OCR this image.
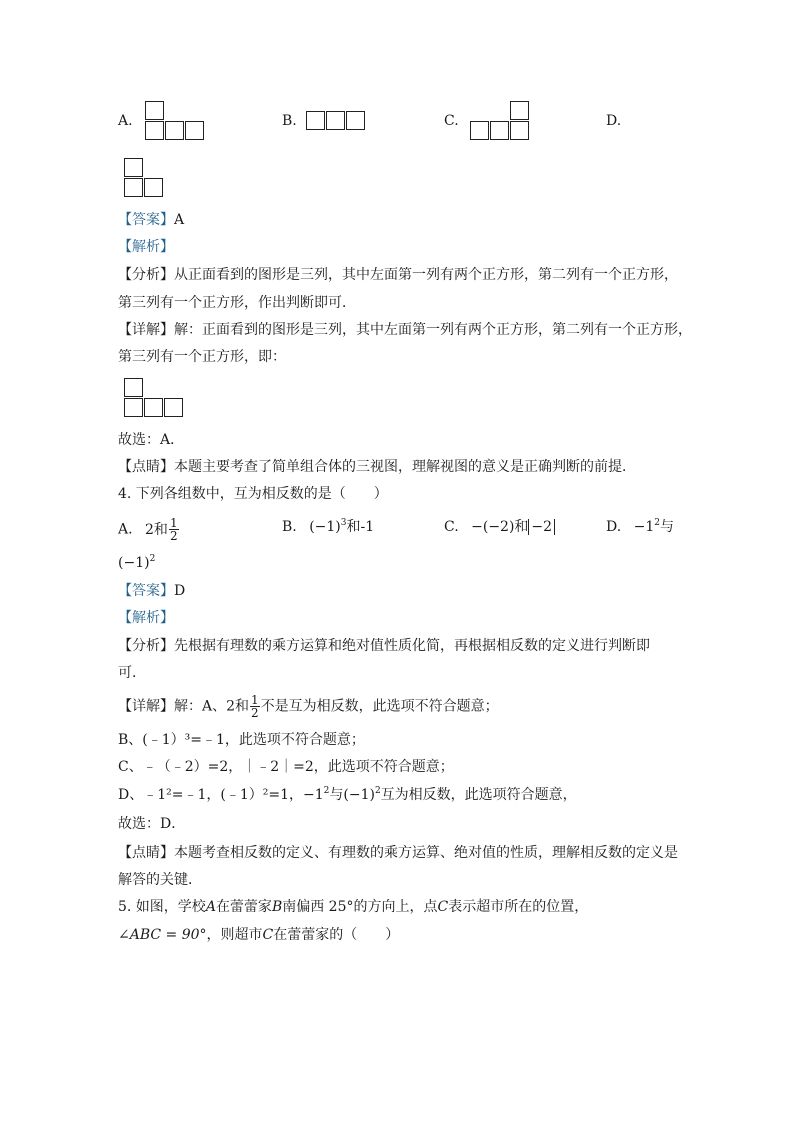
A.	B.	C.	D.
【答案】A
【解析】
【分析】从正面看到的图形是三列，其中左面第一列有两个正方形，第二列有一个正方形，
第三列有一个正方形，作出判断即可．
【详解】解：正面看到的图形是三列，其中左面第一列有两个正方形，第二列有一个正方形，
第三列有一个正方形，即：
故选：A．
【点睛】本题主要考查了简单组合体的三视图，理解视图的意义是正确判断的前提．
4. 下列各组数中，互为相反数的是（　　）
A. 2和 $\frac{1}{2}$	B. $(-1)^3$和-1	C. −(−2)和 −2	D. $-1^2$与
$(-1)^2$
【答案】D
【解析】
【分析】先根据有理数的乘方运算和绝对值性质化简，再根据相反数的定义进行判断即
可．
【详解】解：A、2和 $\frac{1}{2}$ 不是互为相反数，此选项不符合题意；
B、(﹣1）³=﹣1，此选项不符合题意；
C、﹣（﹣2）=2，｜﹣2｜=2，此选项不符合题意；
D、﹣1²=﹣1，(﹣1）²=1，$-1^2$与$(-1)^2$互为相反数，此选项符合题意，
故选：D．
【点睛】本题考查相反数的定义、有理数的乘方运算、绝对值的性质，理解相反数的定义是
解答的关键．
5. 如图，学校A在蕾蕾家B南偏西 25°的方向上，点C表示超市所在的位置，
∠ABC = 90°，则超市C在蕾蕾家的（　　）
